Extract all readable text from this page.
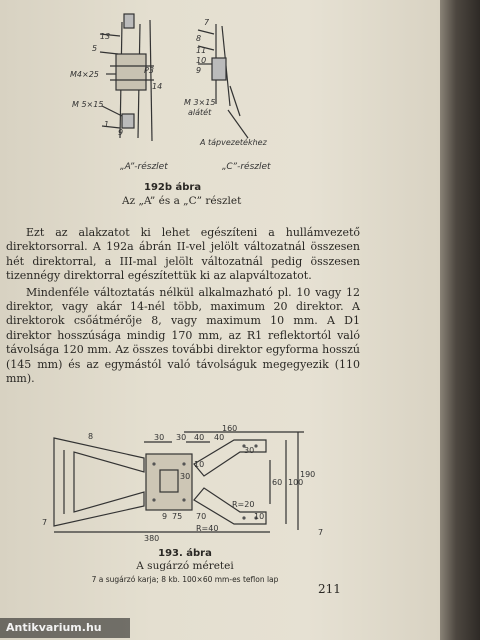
13
5
M4×25
M 5×15
1
P3
14
9
7
8
11
10
9
M 3×15
alátét
A tápvezetékhez
„A”-részlet	„C”-részlet
192b ábra
Az „A” és a „C” részlet

Ezt az alakzatot ki lehet egészíteni a hullámvezető direktorsorral. A 192a ábrán II-vel jelölt változatnál összesen hét direktorral, a III-mal jelölt változatnál pedig összesen tizennégy direktorral egészítettük ki az alapváltozatot.

Mindenféle változtatás nélkül alkalmazható pl. 10 vagy 12 direktor, vagy akár 14-nél több, maximum 20 direktor. A direktorok csőátmérője 8, vagy maximum 10 mm. A D1 direktor hosszúsága mindig 170 mm, az R1 reflektortól való távolsága 120 mm. Az összes további direktor egyforma hosszú (145 mm) és az egymástól való távolságuk megegyezik (110 mm).

160
40
30 30	40
R=20
R=40
380
190
100
60
30
10
9 75 70
8
7
7
30
10
193. ábra
A sugárzó méretei
7 a sugárzó karja; 8 kb. 100×60 mm-es teflon lap
211
Antikvarium.hu
